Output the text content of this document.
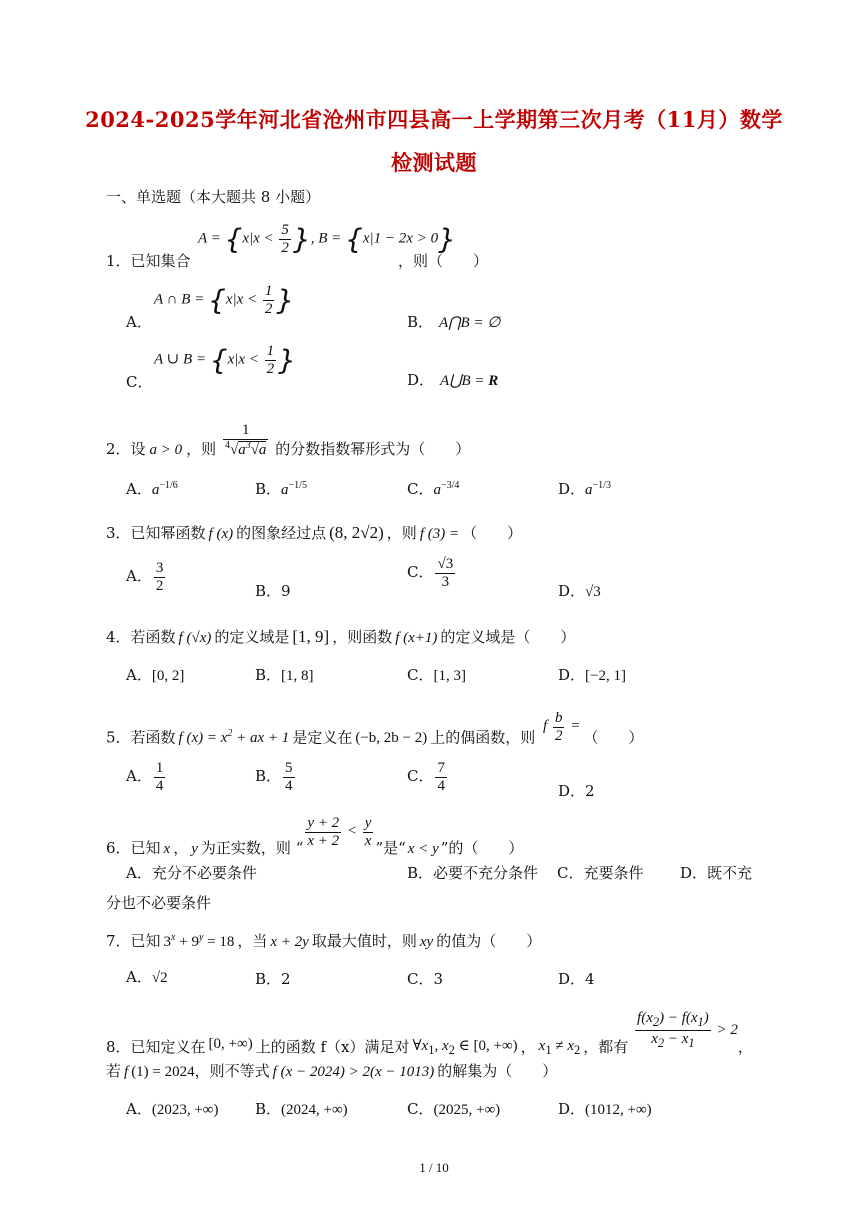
2024-2025学年河北省沧州市四县高一上学期第三次月考（11月）数学
检测试题
一、单选题（本大题共 8 小题）
1．已知集合
$A = \{x|x < \frac{5}{2}$ }, B = {x|1 − 2x > 0}
，则（　　）
A．
A ∩ $B = \{x|x < \frac{1}{2}$ }
B． A⋂B = ∅
C．
A ∪ $B = \{x|x < \frac{1}{2}$ }
D． A⋃B = R
2．设 a > 0 ，则 $\frac{1}{^4√a^3√a}$ 的分数指数幂形式为（　　）
A．$a^{-1/6}$	B．$a^{-1/5}$	C．$a^{-3/4}$	D．$a^{-1/3}$
3．已知幂函数 f (x) 的图象经过点 (8, 2√2) ，则 f (3) = （　　）
A． $\frac{3}{2}$	B．9
C． $\frac{√3}{3}$
D．√3
4．若函数 f (√x) 的定义域是 [1, 9] ，则函数 f (x+1) 的定义域是（　　）
A．[0, 2]	B．[1, 8]	C．[1, 3]	D．[−2, 1]
5．若函数 f $(x) = x^2$ + ax + 1 是定义在 (−b, 2b − 2) 上的偶函数，则 f $\frac{b}{2}$ =（　　）
A． $\frac{1}{4}$	B． $\frac{5}{4}$	C． $\frac{7}{4}$	D．2
6．已知 x ， y 为正实数，则 “ $\frac{y + 2}{x + 2} < \frac{y}{x}$ ”是“ x < y ”的（　　）
A．充分不必要条件	B．必要不充分条件 C．充要条件 D．既不充
分也不必要条件
7．已知 $3^x + 9^y = 18$ ，当 x + 2y 取最大值时，则 xy 的值为（　　）
A．√2	B．2	C．3	D．4
8．已知定义在 [0, +∞) 上的函数 f（x）满足对 $\forall x_1$, $x_2$ ∈ [0, +∞) ， $x_1 \ne x_2$ ，都有 $\frac{f(x_2) - f(x_1)}{x_2 - x_1} > 2$，
若 f (1) = 2024，则不等式 f (x − 2024) > 2(x − 1013) 的解集为（　　）
A．(2023, +∞) B．(2024, +∞)	C．(2025, +∞)	D．(1012, +∞)
1 / 10
